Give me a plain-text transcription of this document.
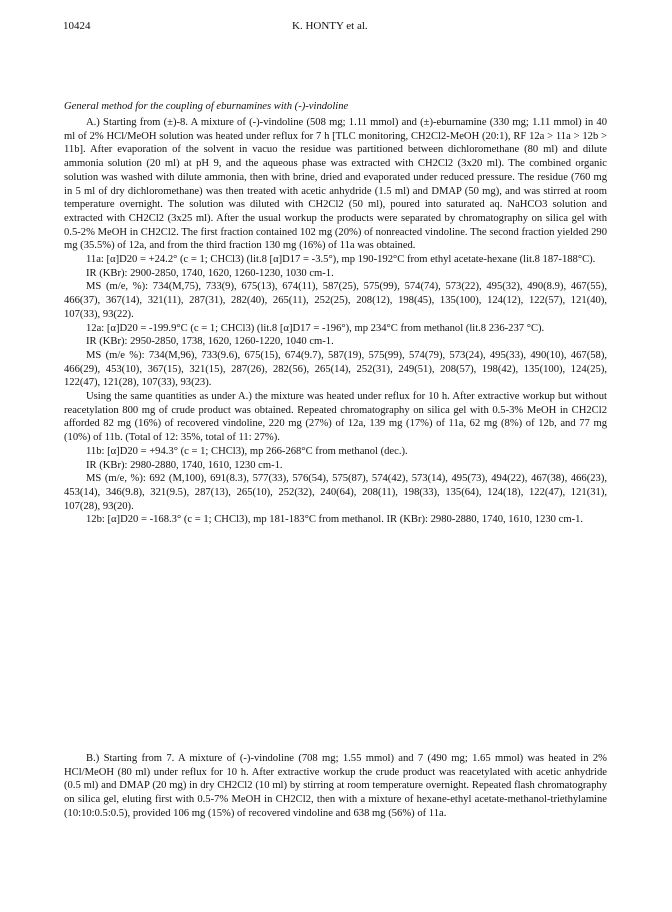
10424	K. HONTY et al.

General method for the coupling of eburnamines with (-)-vindoline

A.) Starting from (±)-8. A mixture of (-)-vindoline (508 mg; 1.11 mmol) and (±)-eburnamine (330 mg; 1.11 mmol) in 40 ml of 2% HCl/MeOH solution was heated under reflux for 7 h [TLC monitoring, CH2Cl2-MeOH (20:1), RF 12a > 11a > 12b > 11b]. After evaporation of the solvent in vacuo the residue was partitioned between dichloromethane (80 ml) and dilute ammonia solution (20 ml) at pH 9, and the aqueous phase was extracted with CH2Cl2 (3x20 ml). The combined organic solution was washed with dilute ammonia, then with brine, dried and evaporated under reduced pressure. The residue (760 mg in 5 ml of dry dichloromethane) was then treated with acetic anhydride (1.5 ml) and DMAP (50 mg), and was stirred at room temperature overnight. The solution was diluted with CH2Cl2 (50 ml), poured into saturated aq. NaHCO3 solution and extracted with CH2Cl2 (3x25 ml). After the usual workup the products were separated by chromatography on silica gel with 0.5-2% MeOH in CH2Cl2. The first fraction contained 102 mg (20%) of nonreacted vindoline. The second fraction yielded 290 mg (35.5%) of 12a, and from the third fraction 130 mg (16%) of 11a was obtained.

11a: [α]D20 = +24.2° (c = 1; CHCl3) (lit.8 [α]D17 = -3.5°), mp 190-192°C from ethyl acetate-hexane (lit.8 187-188°C).

IR (KBr): 2900-2850, 1740, 1620, 1260-1230, 1030 cm-1.

MS (m/e, %): 734(M,75), 733(9), 675(13), 674(11), 587(25), 575(99), 574(74), 573(22), 495(32), 490(8.9), 467(55), 466(37), 367(14), 321(11), 287(31), 282(40), 265(11), 252(25), 208(12), 198(45), 135(100), 124(12), 122(57), 121(40), 107(33), 93(22).

12a: [α]D20 = -199.9°C (c = 1; CHCl3) (lit.8 [α]D17 = -196°), mp 234°C from methanol (lit.8 236-237 °C).

IR (KBr): 2950-2850, 1738, 1620, 1260-1220, 1040 cm-1.

MS (m/e %): 734(M,96), 733(9.6), 675(15), 674(9.7), 587(19), 575(99), 574(79), 573(24), 495(33), 490(10), 467(58), 466(29), 453(10), 367(15), 321(15), 287(26), 282(56), 265(14), 252(31), 249(51), 208(57), 198(42), 135(100), 124(25), 122(47), 121(28), 107(33), 93(23).

Using the same quantities as under A.) the mixture was heated under reflux for 10 h. After extractive workup but without reacetylation 800 mg of crude product was obtained. Repeated chromatography on silica gel with 0.5-3% MeOH in CH2Cl2 afforded 82 mg (16%) of recovered vindoline, 220 mg (27%) of 12a, 139 mg (17%) of 11a, 62 mg (8%) of 12b, and 77 mg (10%) of 11b. (Total of 12: 35%, total of 11: 27%).

11b: [α]D20 = +94.3° (c = 1; CHCl3), mp 266-268°C from methanol (dec.).

IR (KBr): 2980-2880, 1740, 1610, 1230 cm-1.

MS (m/e, %): 692 (M,100), 691(8.3), 577(33), 576(54), 575(87), 574(42), 573(14), 495(73), 494(22), 467(38), 466(23), 453(14), 346(9.8), 321(9.5), 287(13), 265(10), 252(32), 240(64), 208(11), 198(33), 135(64), 124(18), 122(47), 121(31), 107(28), 93(20).

12b: [α]D20 = -168.3° (c = 1; CHCl3), mp 181-183°C from methanol. IR (KBr): 2980-2880, 1740, 1610, 1230 cm-1.

B.) Starting from 7. A mixture of (-)-vindoline (708 mg; 1.55 mmol) and 7 (490 mg; 1.65 mmol) was heated in 2% HCl/MeOH (80 ml) under reflux for 10 h. After extractive workup the crude product was reacetylated with acetic anhydride (0.5 ml) and DMAP (20 mg) in dry CH2Cl2 (10 ml) by stirring at room temperature overnight. Repeated flash chromatography on silica gel, eluting first with 0.5-7% MeOH in CH2Cl2, then with a mixture of hexane-ethyl acetate-methanol-triethylamine (10:10:0.5:0.5), provided 106 mg (15%) of recovered vindoline and 638 mg (56%) of 11a.
